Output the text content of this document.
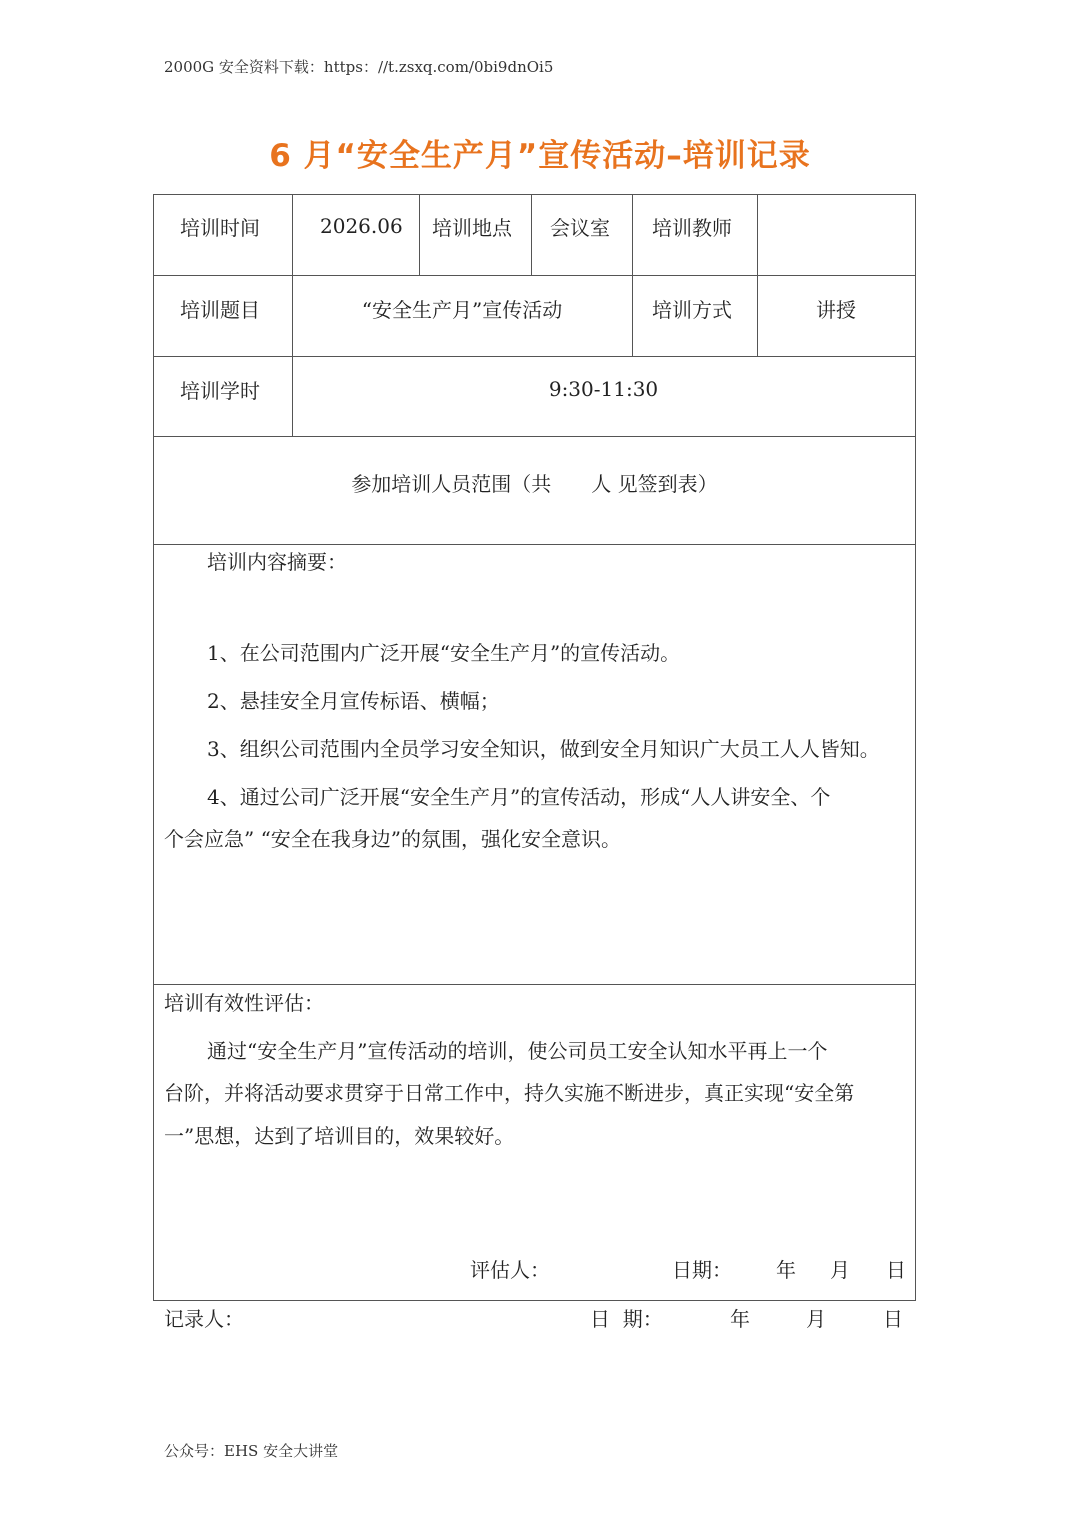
2000G 安全资料下载：https：//t.zsxq.com/0bi9dnOi5
6 月“安全生产月”宣传活动–培训记录
培训时间	2026.06 培训地点 会议室 培训教师
培训题目	“安全生产月”宣传活动	培训方式	讲授
培训学时	9:30-11:30
参加培训人员范围（共　　人 见签到表）
培训内容摘要：
1、在公司范围内广泛开展“安全生产月”的宣传活动。
2、悬挂安全月宣传标语、横幅；
3、组织公司范围内全员学习安全知识，做到安全月知识广大员工人人皆知。
4、通过公司广泛开展“安全生产月”的宣传活动，形成“人人讲安全、个
个会应急” “安全在我身边”的氛围，强化安全意识。
培训有效性评估：
通过“安全生产月”宣传活动的培训，使公司员工安全认知水平再上一个
台阶，并将活动要求贯穿于日常工作中，持久实施不断进步，真正实现“安全第
一”思想，达到了培训目的，效果较好。
评估人：	日期： 年 月 日
记录人：	日  期：	年	月	日
公众号：EHS 安全大讲堂
